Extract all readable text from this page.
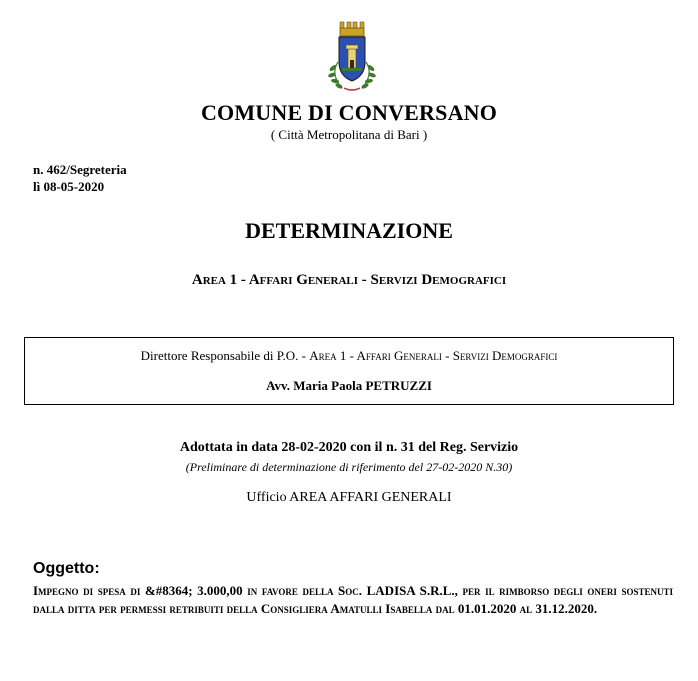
COMUNE DI CONVERSANO
( Città Metropolitana di Bari )
n. 462/Segreteria
lì 08-05-2020
DETERMINAZIONE
Area 1 - Affari Generali - Servizi Demografici
Direttore Responsabile di P.O. - Area 1 - Affari Generali - Servizi Demografici
Avv. Maria Paola PETRUZZI
Adottata in data 28-02-2020 con il n. 31 del Reg. Servizio
(Preliminare di determinazione di riferimento del 27-02-2020 N.30)
Ufficio AREA AFFARI GENERALI
Oggetto:
Impegno di spesa di &#8364; 3.000,00 in favore della Soc. LADISA S.R.L., per il rimborso degli oneri sostenuti dalla ditta per permessi retribuiti della Consigliera Amatulli Isabella dal 01.01.2020 al 31.12.2020.
